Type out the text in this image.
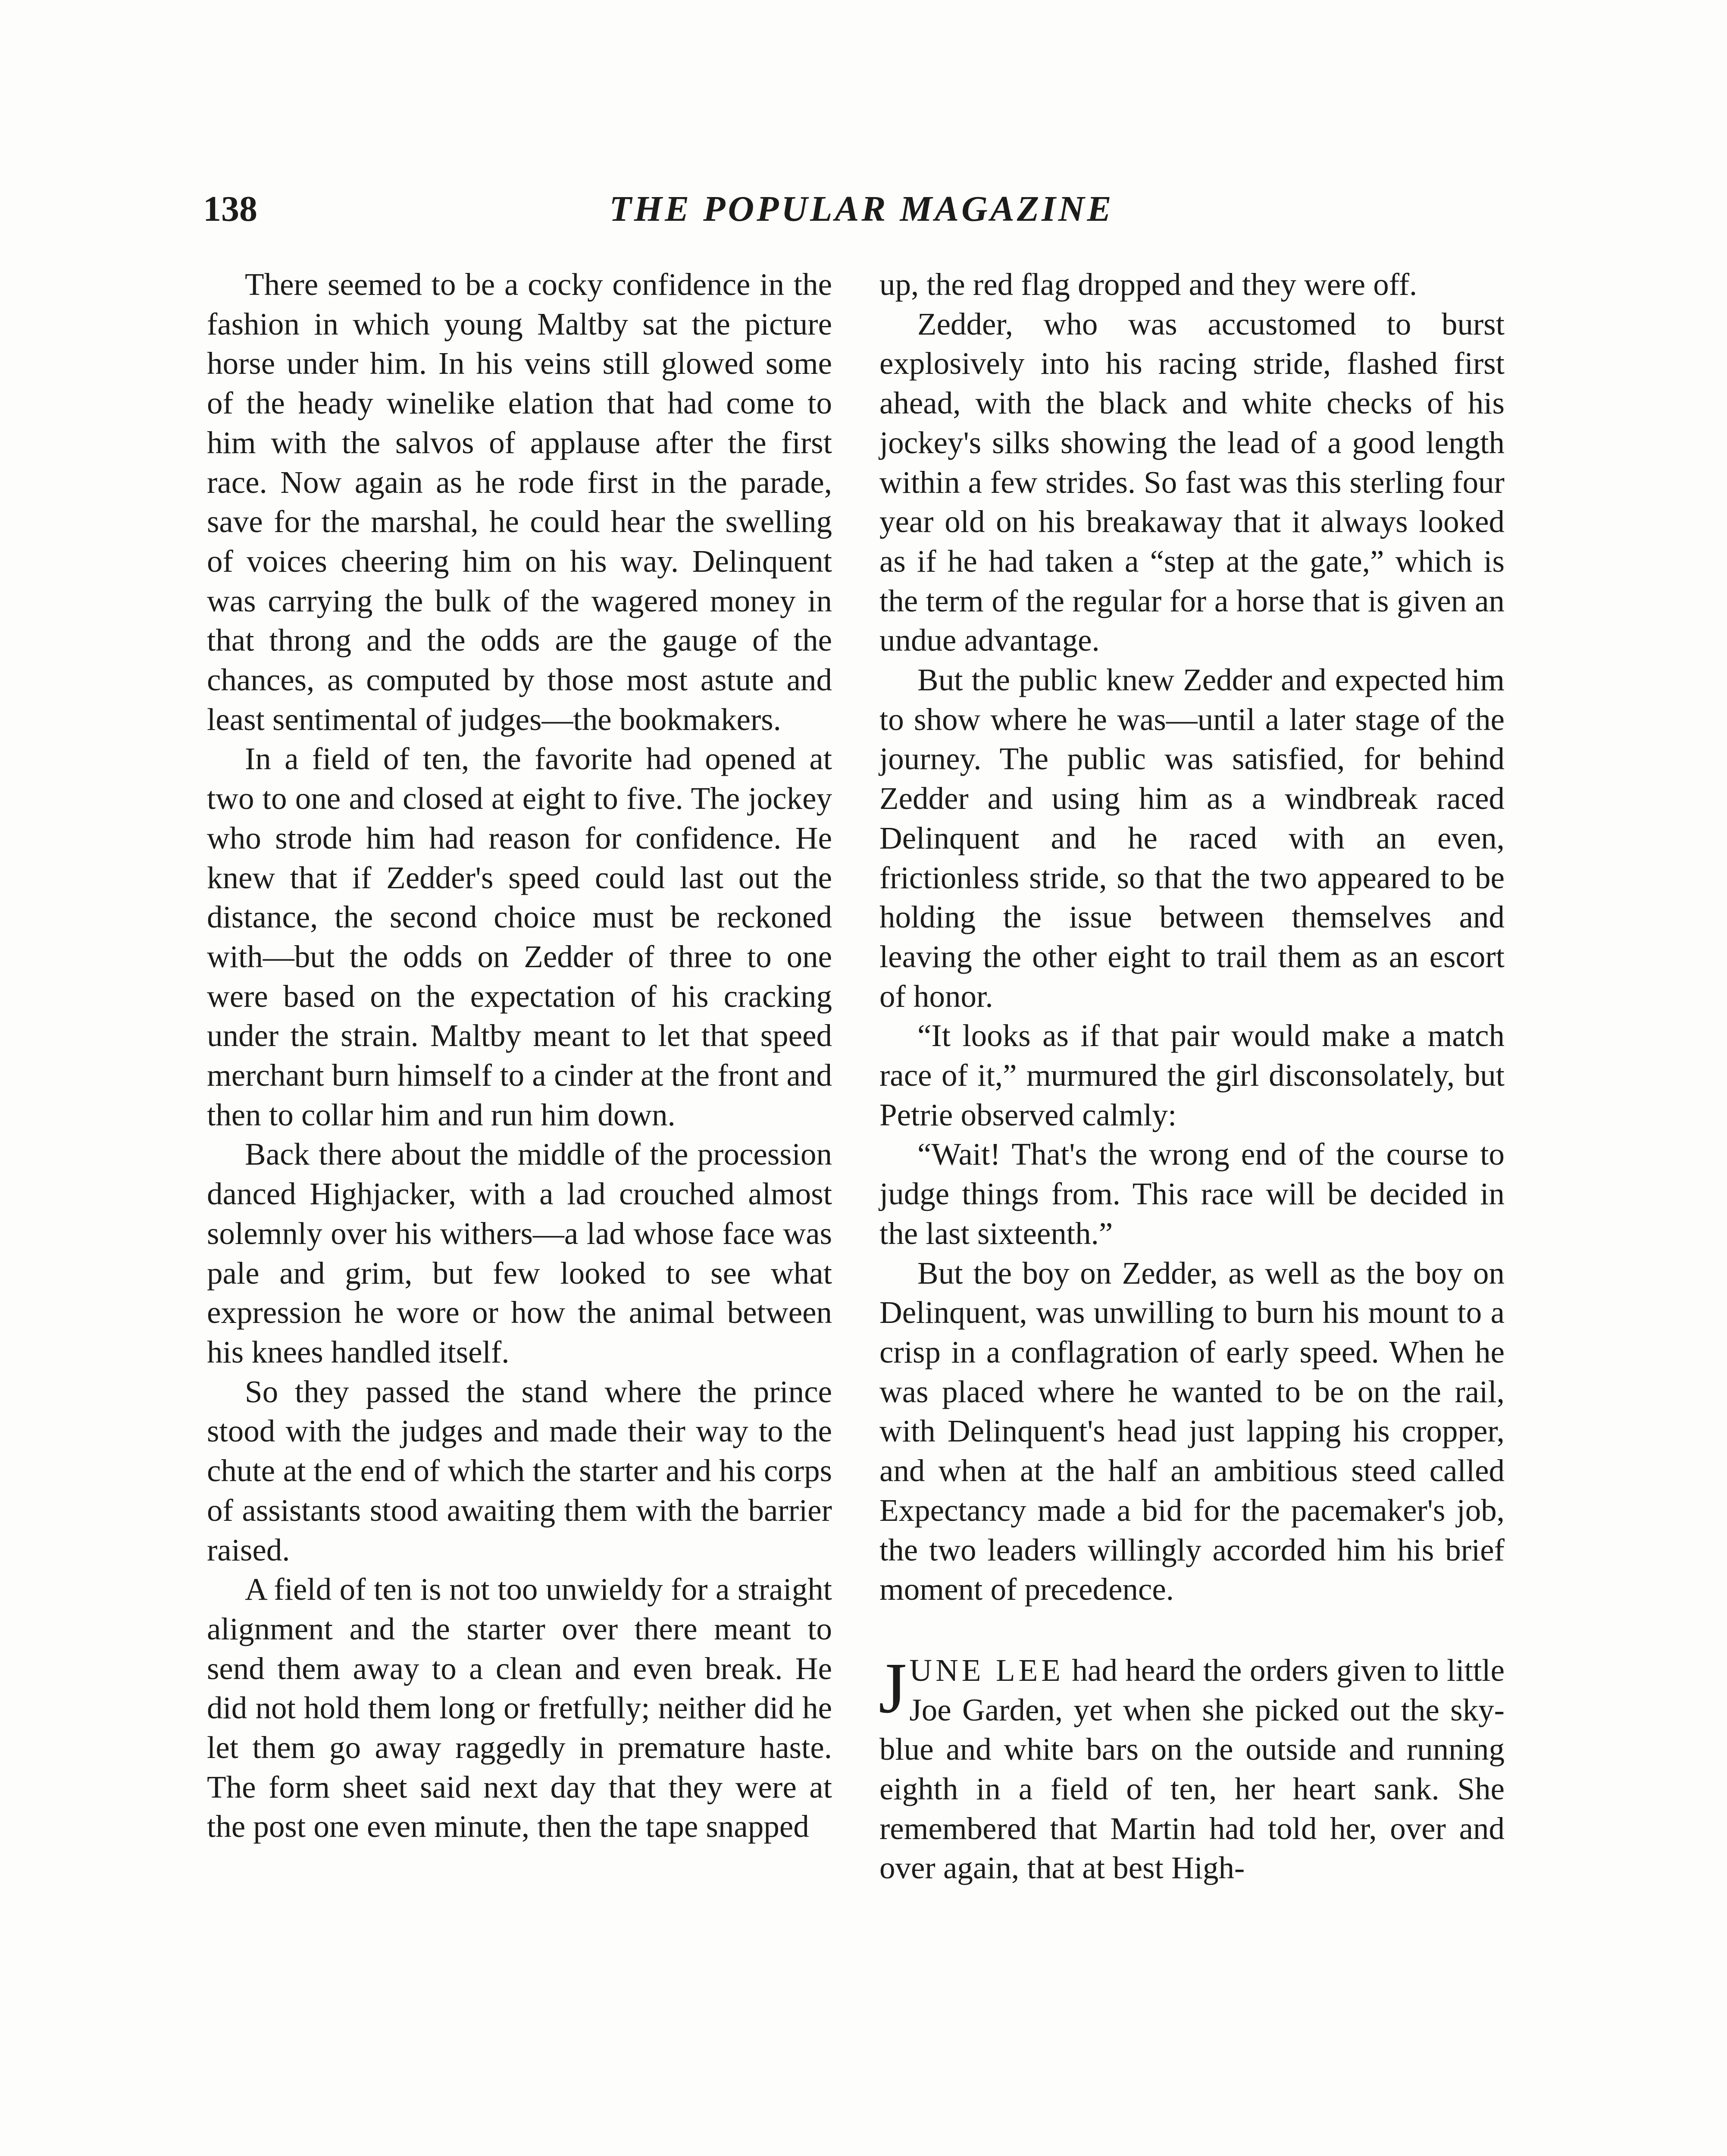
138	THE POPULAR MAGAZINE

There seemed to be a cocky confidence in the fashion in which young Maltby sat the picture horse under him. In his veins still glowed some of the heady winelike elation that had come to him with the salvos of applause after the first race. Now again as he rode first in the parade, save for the marshal, he could hear the swelling of voices cheering him on his way. Delinquent was carrying the bulk of the wagered money in that throng and the odds are the gauge of the chances, as computed by those most astute and least sentimental of judges—the bookmakers.

In a field of ten, the favorite had opened at two to one and closed at eight to five. The jockey who strode him had reason for confidence. He knew that if Zedder's speed could last out the distance, the second choice must be reckoned with—but the odds on Zedder of three to one were based on the expectation of his cracking under the strain. Maltby meant to let that speed merchant burn himself to a cinder at the front and then to collar him and run him down.

Back there about the middle of the procession danced Highjacker, with a lad crouched almost solemnly over his withers—a lad whose face was pale and grim, but few looked to see what expression he wore or how the animal between his knees handled itself.

So they passed the stand where the prince stood with the judges and made their way to the chute at the end of which the starter and his corps of assistants stood awaiting them with the barrier raised.

A field of ten is not too unwieldy for a straight alignment and the starter over there meant to send them away to a clean and even break. He did not hold them long or fretfully; neither did he let them go away raggedly in premature haste. The form sheet said next day that they were at the post one even minute, then the tape snapped

up, the red flag dropped and they were off.

Zedder, who was accustomed to burst explosively into his racing stride, flashed first ahead, with the black and white checks of his jockey's silks showing the lead of a good length within a few strides. So fast was this sterling four year old on his breakaway that it always looked as if he had taken a “step at the gate,” which is the term of the regular for a horse that is given an undue advantage.

But the public knew Zedder and expected him to show where he was—until a later stage of the journey. The public was satisfied, for behind Zedder and using him as a windbreak raced Delinquent and he raced with an even, frictionless stride, so that the two appeared to be holding the issue between themselves and leaving the other eight to trail them as an escort of honor.

“It looks as if that pair would make a match race of it,” murmured the girl disconsolately, but Petrie observed calmly:

“Wait! That's the wrong end of the course to judge things from. This race will be decided in the last sixteenth.”

But the boy on Zedder, as well as the boy on Delinquent, was unwilling to burn his mount to a crisp in a conflagration of early speed. When he was placed where he wanted to be on the rail, with Delinquent's head just lapping his cropper, and when at the half an ambitious steed called Expectancy made a bid for the pacemaker's job, the two leaders willingly accorded him his brief moment of precedence.

JUNE LEE had heard the orders given to little Joe Garden, yet when she picked out the sky-blue and white bars on the outside and running eighth in a field of ten, her heart sank. She remembered that Martin had told her, over and over again, that at best High-
